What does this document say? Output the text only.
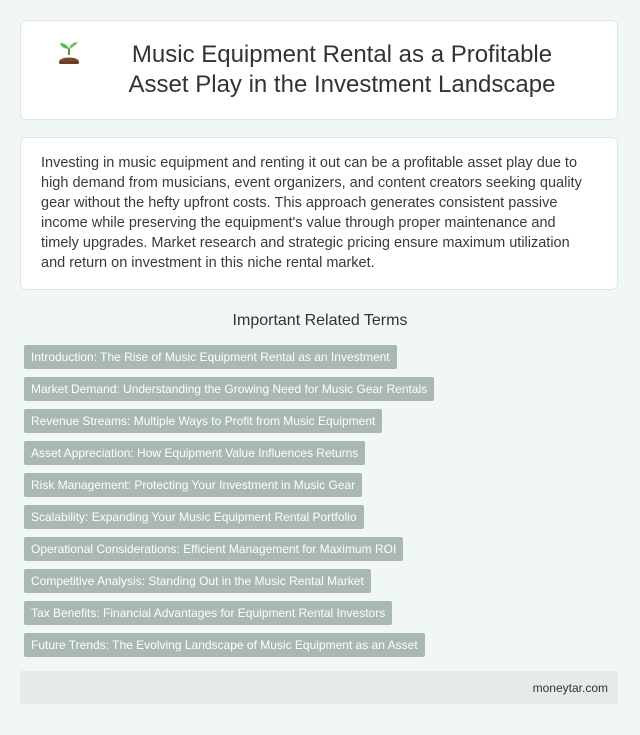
Music Equipment Rental as a Profitable Asset Play in the Investment Landscape

Investing in music equipment and renting it out can be a profitable asset play due to high demand from musicians, event organizers, and content creators seeking quality gear without the hefty upfront costs. This approach generates consistent passive income while preserving the equipment's value through proper maintenance and timely upgrades. Market research and strategic pricing ensure maximum utilization and return on investment in this niche rental market.

Important Related Terms
Introduction: The Rise of Music Equipment Rental as an Investment
Market Demand: Understanding the Growing Need for Music Gear Rentals
Revenue Streams: Multiple Ways to Profit from Music Equipment
Asset Appreciation: How Equipment Value Influences Returns
Risk Management: Protecting Your Investment in Music Gear
Scalability: Expanding Your Music Equipment Rental Portfolio
Operational Considerations: Efficient Management for Maximum ROI
Competitive Analysis: Standing Out in the Music Rental Market
Tax Benefits: Financial Advantages for Equipment Rental Investors
Future Trends: The Evolving Landscape of Music Equipment as an Asset
moneytar.com
